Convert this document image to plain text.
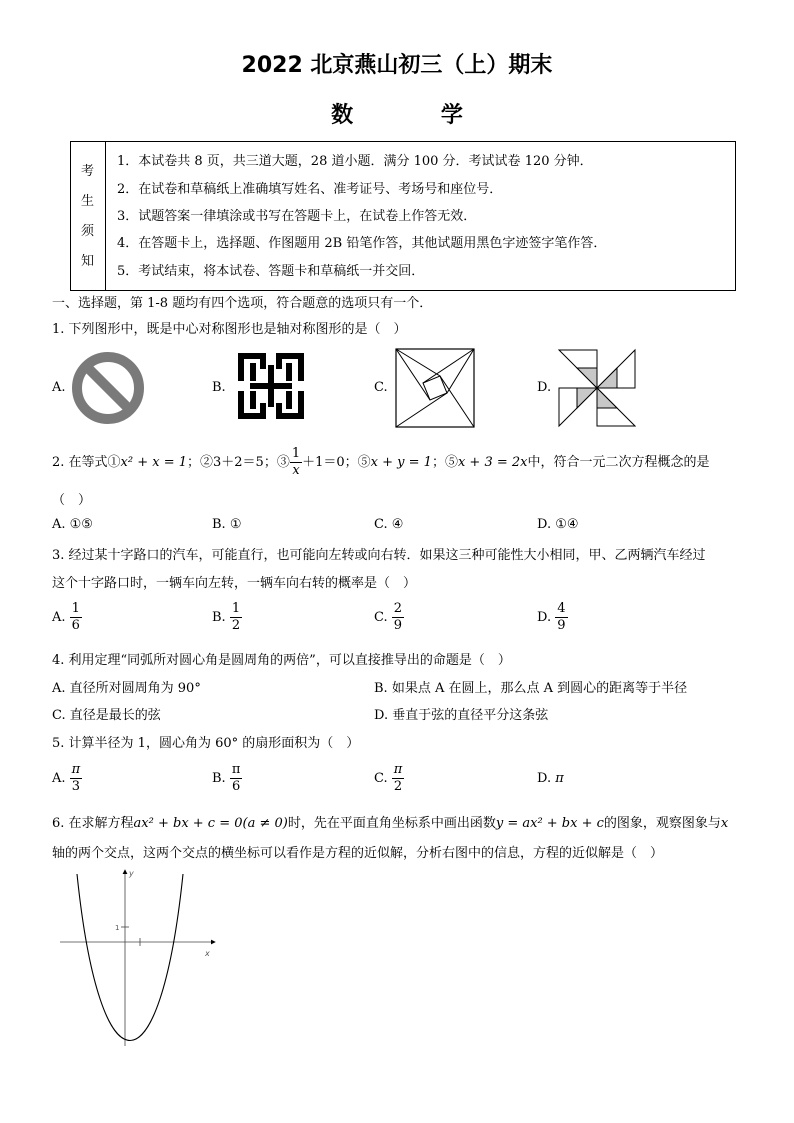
2022 北京燕山初三（上）期末
数 学
考
生
须
知
1．本试卷共 8 页，共三道大题，28 道小题．满分 100 分．考试试卷 120 分钟．
2．在试卷和草稿纸上准确填写姓名、准考证号、考场号和座位号．
3．试题答案一律填涂或书写在答题卡上，在试卷上作答无效．
4．在答题卡上，选择题、作图题用 2B 铅笔作答，其他试题用黑色字迹签字笔作答．
5．考试结束，将本试卷、答题卡和草稿纸一并交回．
一、选择题，第 1-8 题均有四个选项，符合题意的选项只有一个．
1. 下列图形中，既是中心对称图形也是轴对称图形的是（　）
A.	B.	C.	D.
2. 在等式①x² + x = 1；②3＋2＝5；③ $\frac{1}{x} +1=0$；⑤x + y = 1；⑤x + 3 = 2x中，符合一元二次方程概念的是
（　）
A. ①⑤	B. ①	C. ④	D. ①④
3. 经过某十字路口的汽车，可能直行，也可能向左转或向右转．如果这三种可能性大小相同，甲、乙两辆汽车经过
这个十字路口时，一辆车向左转，一辆车向右转的概率是（　）
A. $\frac{1}{6}$	B. $\frac{1}{2}$	C. $\frac{2}{9}$	D. $\frac{4}{9}$
4. 利用定理“同弧所对圆心角是圆周角的两倍”，可以直接推导出的命题是（　）
A. 直径所对圆周角为 90°	B. 如果点 A 在圆上，那么点 A 到圆心的距离等于半径
C. 直径是最长的弦	D. 垂直于弦的直径平分这条弦
5. 计算半径为 1，圆心角为 60° 的扇形面积为（　）
A. $\frac{\pi}{3}$	B. $\frac{\pi}{6}$	C. $\frac{\pi}{2}$	D. π
6. 在求解方程ax² + bx + c = 0(a ≠ 0)时，先在平面直角坐标系中画出函数y = ax² + bx + c的图象，观察图象与x
轴的两个交点，这两个交点的横坐标可以看作是方程的近似解，分析右图中的信息，方程的近似解是（　）
1
x
y
